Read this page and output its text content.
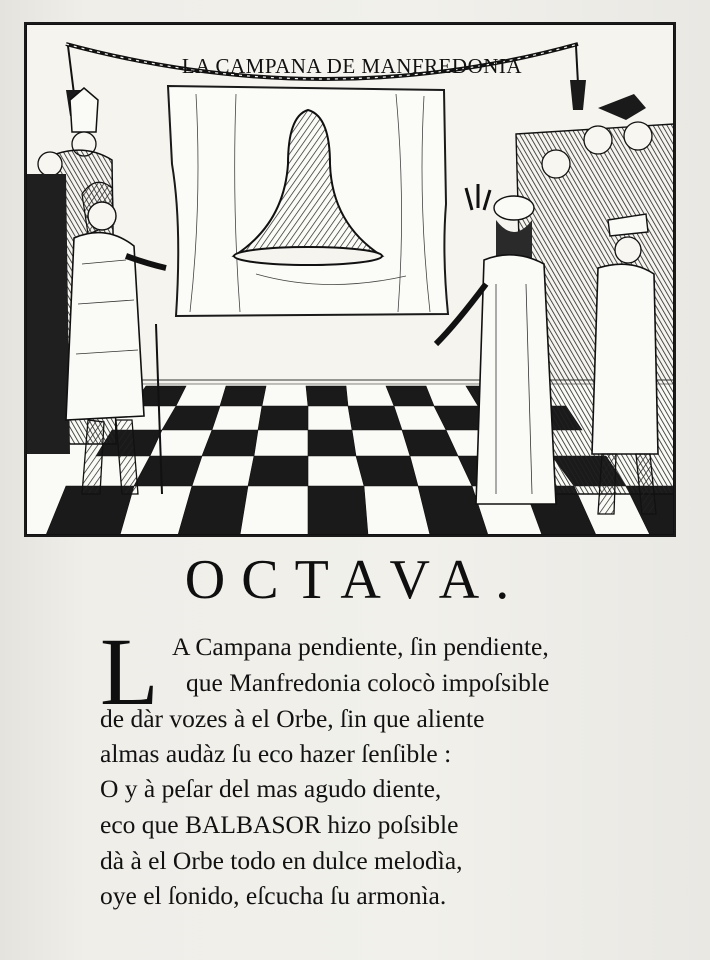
LA CAMPANA DE MANFREDONIA

OCTAVA.
L A Campana pendiente, ſin pendiente,

que Manfredonia colocò impoſsible

de dàr vozes à el Orbe, ſin que aliente

almas audàz ſu eco hazer ſenſible :

O y à peſar del mas agudo diente,

eco que BALBASOR hizo poſsible

dà à el Orbe todo en dulce melodìa,

oye el ſonido, eſcucha ſu armonìa.
